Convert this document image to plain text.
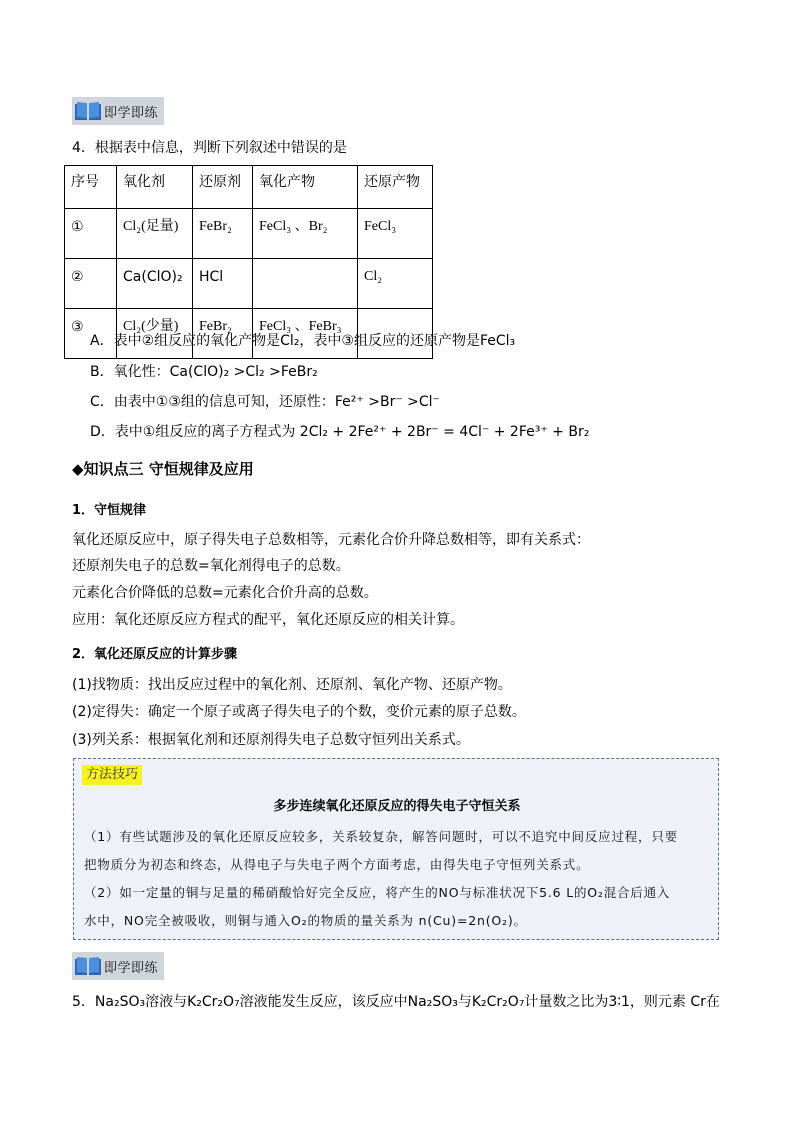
即学即练
4．根据表中信息，判断下列叙述中错误的是
序号	氧化剂	还原剂	氧化产物	还原产物
①	Cl₂(足量)	FeBr₂	FeCl₃ 、Br₂	FeCl₃
②	Ca(ClO)₂	HCl		Cl₂
③	Cl₂(少量)	FeBr₂	FeCl₃ 、FeBr₃	
A．表中②组反应的氧化产物是Cl₂，表中③组反应的还原产物是FeCl₃
B．氧化性：Ca(ClO)₂ >Cl₂ >FeBr₂
C．由表中①③组的信息可知，还原性：Fe²⁺ >Br⁻ >Cl⁻
D．表中①组反应的离子方程式为 2Cl₂ + 2Fe²⁺ + 2Br⁻ = 4Cl⁻ + 2Fe³⁺ + Br₂
◆知识点三 守恒规律及应用
1．守恒规律
氧化还原反应中，原子得失电子总数相等，元素化合价升降总数相等，即有关系式：
还原剂失电子的总数=氧化剂得电子的总数。
元素化合价降低的总数=元素化合价升高的总数。
应用：氧化还原反应方程式的配平，氧化还原反应的相关计算。
2．氧化还原反应的计算步骤
(1)找物质：找出反应过程中的氧化剂、还原剂、氧化产物、还原产物。
(2)定得失：确定一个原子或离子得失电子的个数，变价元素的原子总数。
(3)列关系：根据氧化剂和还原剂得失电子总数守恒列出关系式。
方法技巧
多步连续氧化还原反应的得失电子守恒关系
（1）有些试题涉及的氧化还原反应较多，关系较复杂，解答问题时，可以不追究中间反应过程，只要
把物质分为初态和终态，从得电子与失电子两个方面考虑，由得失电子守恒列关系式。
（2）如一定量的铜与足量的稀硝酸恰好完全反应，将产生的NO与标准状况下5.6 L的O₂混合后通入
水中，NO完全被吸收，则铜与通入O₂的物质的量关系为 n(Cu)=2n(O₂)。
即学即练
5．Na₂SO₃溶液与K₂Cr₂O₇溶液能发生反应，该反应中Na₂SO₃与K₂Cr₂O₇计量数之比为3∶1，则元素 Cr在
